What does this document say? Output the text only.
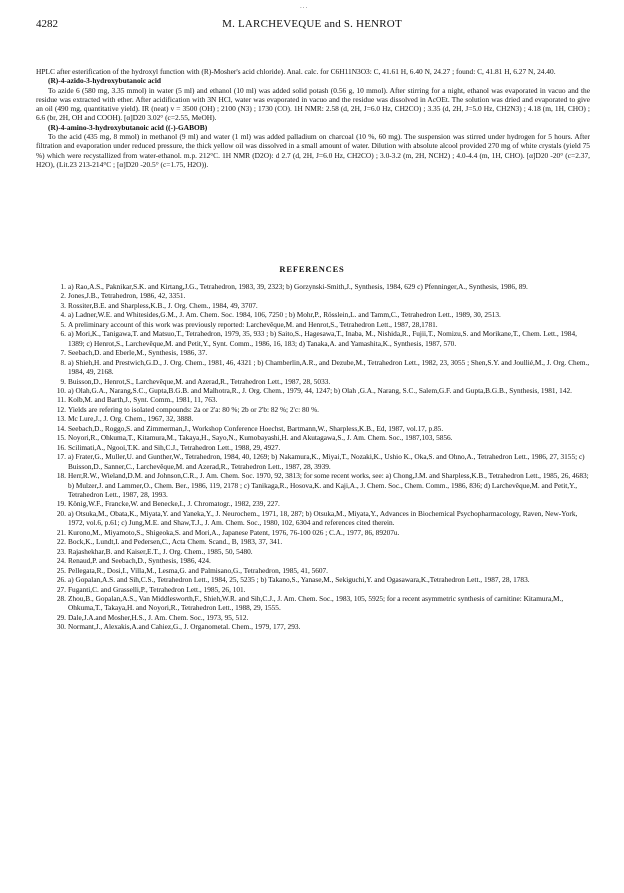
...
4282	M. LARCHEVEQUE and S. HENROT

HPLC after esterification of the hydroxyl function with (R)-Mosher's acid chloride). Anal. calc. for C6H11N3O3: C, 41.61 H, 6.40 N, 24.27 ; found: C, 41.81 H, 6.27 N, 24.40.

(R)-4-azido-3-hydroxybutanoic acid

To azide 6 (580 mg, 3.35 mmol) in water (5 ml) and ethanol (10 ml) was added solid potash (0.56 g, 10 mmol). After stirring for a night, ethanol was evaporated in vacuo and the residue was extracted with ether. After acidification with 3N HCl, water was evaporated in vacuo and the residue was dissolved in AcOEt. The solution was dried and evaporated to give an oil (490 mg, quantitative yield). IR (neat) v = 3500 (OH) ; 2100 (N3) ; 1730 (CO). 1H NMR: 2.58 (d, 2H, J=6.0 Hz, CH2CO) ; 3.35 (d, 2H, J=5.0 Hz, CH2N3) ; 4.18 (m, 1H, CHO) ; 6.6 (br, 2H, OH and COOH). [α]D20 3.02° (c=2.55, MeOH).

(R)-4-amino-3-hydroxybutanoic acid ((-)-GABOB)

To the acid (435 mg, 8 mmol) in methanol (9 ml) and water (1 ml) was added palladium on charcoal (10 %, 60 mg). The suspension was stirred under hydrogen for 5 hours. After filtration and evaporation under reduced pressure, the thick yellow oil was dissolved in a small amount of water. Dilution with absolute alcool provided 270 mg of white crystals (yield 75 %) which were recystallized from water-ethanol. m.p. 212°C. 1H NMR (D2O): d 2.7 (d, 2H, J=6.0 Hz, CH2CO) ; 3.0-3.2 (m, 2H, NCH2) ; 4.0-4.4 (m, 1H, CHO). [α]D20 -20° (c=2.37, H2O), (Lit.23 213-214°C ; [α]D20 -20.5° (c=1.75, H2O)).

REFERENCES
1. a) Rao,A.S., Paknikar,S.K. and Kirtang,J.G., Tetrahedron, 1983, 39, 2323; b) Gorzynski-Smith,J., Synthesis, 1984, 629 c) Pfenninger,A., Synthesis, 1986, 89.
2. Jones,J.B., Tetrahedron, 1986, 42, 3351.
3. Rossiter,B.E. and Sharpless,K.B., J. Org. Chem., 1984, 49, 3707.
4. a) Ladner,W.E. and Whitesides,G.M., J. Am. Chem. Soc. 1984, 106, 7250 ; b) Mohr,P., Rösslein,L. and Tamm,C., Tetrahedron Lett., 1989, 30, 2513.
5. A preliminary account of this work was previously reported: Larchevêque,M. and Henrot,S., Tetrahedron Lett., 1987, 28,1781.
6. a) Mori,K., Tanigawa,T. and Matsuo,T., Tetrahedron, 1979, 35, 933 ; b) Saito,S., Hagesawa,T., Inaba, M., Nishida,R., Fujii,T., Nomizu,S. and Morikane,T., Chem. Lett., 1984, 1389; c) Henrot,S., Larchevêque,M. and Petit,Y., Synt. Comm., 1986, 16, 183; d) Tanaka,A. and Yamashita,K., Synthesis, 1987, 570.
7. Seebach,D. and Eberle,M., Synthesis, 1986, 37.
8. a) Shieh,H. and Prestwich,G.D., J. Org. Chem., 1981, 46, 4321 ; b) Chamberlin,A.R., and Dezube,M., Tetrahedron Lett., 1982, 23, 3055 ; Shen,S.Y. and Joullié,M., J. Org. Chem., 1984, 49, 2168.
9. Buisson,D., Henrot,S., Larchevêque,M. and Azerad,R., Tetrahedron Lett., 1987, 28, 5033.
10. a) Olah,G.A., Narang,S.C., Gupta,B.G.B. and Malhotra,R., J. Org. Chem., 1979, 44, 1247; b) Olah ,G.A., Narang, S.C., Salem,G.F. and Gupta,B.G.B., Synthesis, 1981, 142.
11. Kolb,M. and Barth,J., Synt. Comm., 1981, 11, 763.
12. Yields are refering to isolated compounds: 2a or 2'a: 80 %; 2b or 2'b: 82 %; 2'c: 80 %.
13. Mc Lure,J., J. Org. Chem., 1967, 32, 3888.
14. Seebach,D., Roggo,S. and Zimmerman,J., Workshop Conference Hoechst, Bartmann,W., Sharpless,K.B., Ed, 1987, vol.17, p.85.
15. Noyori,R., Ohkuma,T., Kitamura,M., Takaya,H., Sayo,N., Kumobayashi,H. and Akutagawa,S., J. Am. Chem. Soc., 1987,103, 5856.
16. Scilimati,A., Ngooi,T.K. and Sih,C.J., Tetrahedron Lett., 1988, 29, 4927.
17. a) Frater,G., Muller,U. and Gunther,W., Tetrahedron, 1984, 40, 1269; b) Nakamura,K., Miyai,T., Nozaki,K., Ushio K., Oka,S. and Ohno,A., Tetrahedron Lett., 1986, 27, 3155; c) Buisson,D., Sanner,C., Larchevêque,M. and Azerad,R., Tetrahedron Lett., 1987, 28, 3939.
18. Herr,R.W., Wieland,D.M. and Johnson,C.R., J. Am. Chem. Soc. 1970, 92, 3813; for some recent works, see: a) Chong,J.M. and Sharpless,K.B., Tetrahedron Lett., 1985, 26, 4683; b) Mulzer,J. and Lammer,O., Chem. Ber., 1986, 119, 2178 ; c) Tanikaga,R., Hosova,K. and Kaji,A., J. Chem. Soc., Chem. Comm., 1986, 836; d) Larchevêque,M. and Petit,Y., Tetrahedron Lett., 1987, 28, 1993.
19. König,W.F., Francke,W. and Benecke,I., J. Chromatogr., 1982, 239, 227.
20. a) Otsuka,M., Obata,K., Miyata,Y. and Yaneka,Y., J. Neurochem., 1971, 18, 287; b) Otsuka,M., Miyata,Y., Advances in Biochemical Psychopharmacology, Raven, New-York, 1972, vol.6, p.61; c) Jung,M.E. and Shaw,T.J., J. Am. Chem. Soc., 1980, 102, 6304 and references cited therein.
21. Kurono,M., Miyamoto,S., Shigeoka,S. and Mori,A., Japanese Patent, 1976, 76-100 026 ; C.A., 1977, 86, 89207u.
22. Bock,K., Lundt,I. and Pedersen,C., Acta Chem. Scand., B, 1983, 37, 341.
23. Rajashekhar,B. and Kaiser,E.T., J. Org. Chem., 1985, 50, 5480.
24. Renaud,P. and Seebach,D., Synthesis, 1986, 424.
25. Pellegata,R., Dosi,I., Villa,M., Lesma,G. and Palmisano,G., Tetrahedron, 1985, 41, 5607.
26. a) Gopalan,A.S. and Sih,C.S., Tetrahedron Lett., 1984, 25, 5235 ; b) Takano,S., Yanase,M., Sekiguchi,Y. and Ogasawara,K.,Tetrahedron Lett., 1987, 28, 1783.
27. Fuganti,C. and Grasselli,P., Tetrahedron Lett., 1985, 26, 101.
28. Zhou,B., Gopalan,A.S., Van Middlesworth,F., Shieh,W.R. and Sih,C.J., J. Am. Chem. Soc., 1983, 105, 5925; for a recent asymmetric synthesis of carnitine: Kitamura,M., Ohkuma,T., Takaya,H. and Noyori,R., Tetrahedron Lett., 1988, 29, 1555.
29. Dale,J.A.and Mosher,H.S., J. Am. Chem. Soc., 1973, 95, 512.
30. Normant,J., Alexakis,A.and Cahiez,G., J. Organometal. Chem., 1979, 177, 293.
